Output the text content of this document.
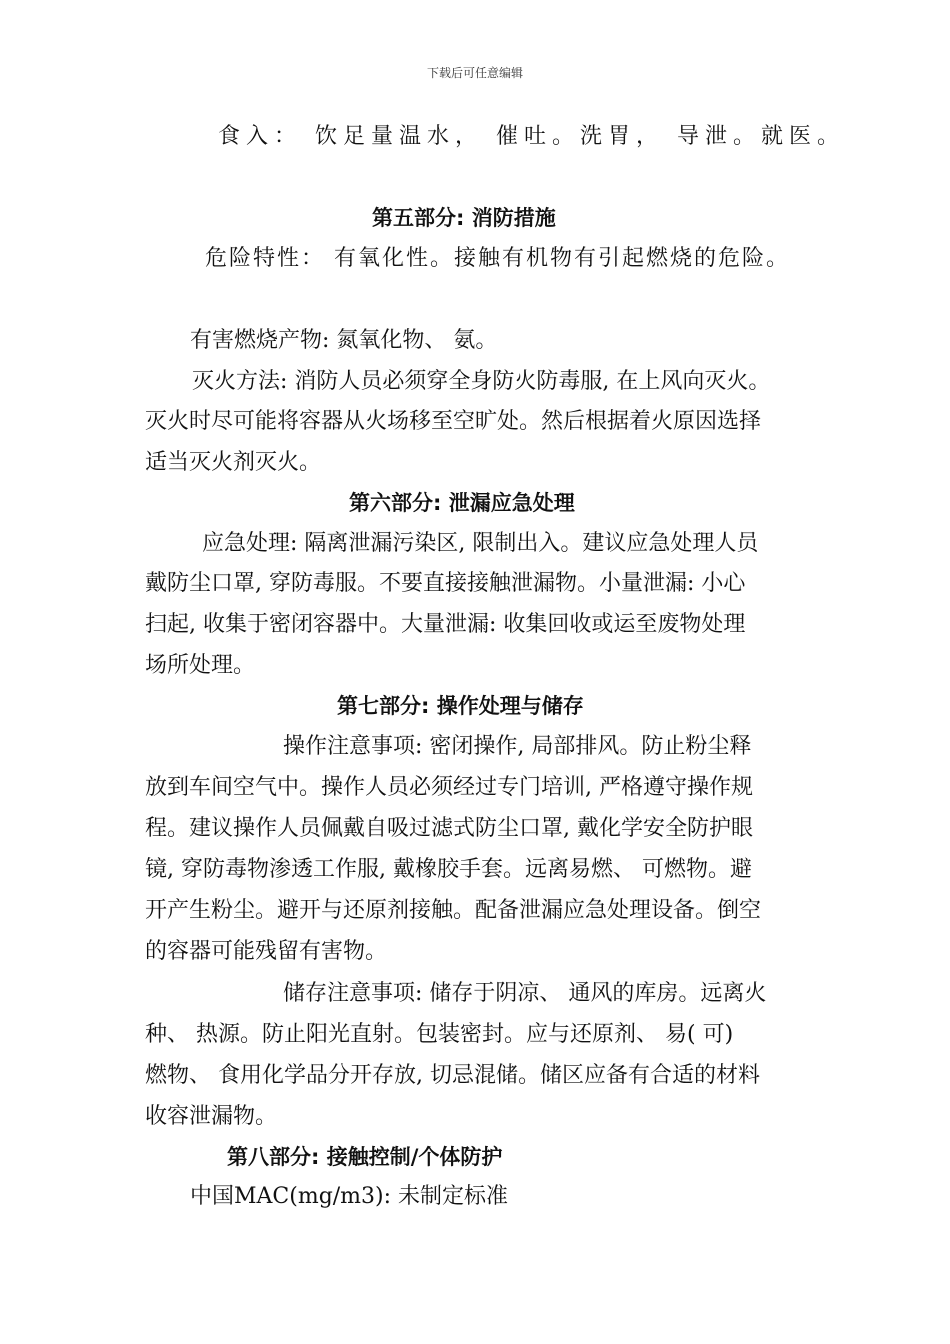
下载后可任意编辑
食入： 饮足量温水， 催吐。洗胃， 导泄。就医。
第五部分: 消防措施
危险特性： 有氧化性。接触有机物有引起燃烧的危险。
有害燃烧产物: 氮氧化物、 氨。
灭火方法: 消防人员必须穿全身防火防毒服, 在上风向灭火。
灭火时尽可能将容器从火场移至空旷处。然后根据着火原因选择
适当灭火剂灭火。
第六部分: 泄漏应急处理
应急处理: 隔离泄漏污染区, 限制出入。建议应急处理人员
戴防尘口罩, 穿防毒服。不要直接接触泄漏物。小量泄漏: 小心
扫起, 收集于密闭容器中。大量泄漏: 收集回收或运至废物处理
场所处理。
第七部分: 操作处理与储存
操作注意事项: 密闭操作, 局部排风。防止粉尘释
放到车间空气中。操作人员必须经过专门培训, 严格遵守操作规
程。建议操作人员佩戴自吸过滤式防尘口罩, 戴化学安全防护眼
镜, 穿防毒物渗透工作服, 戴橡胶手套。远离易燃、 可燃物。避
开产生粉尘。避开与还原剂接触。配备泄漏应急处理设备。倒空
的容器可能残留有害物。
储存注意事项: 储存于阴凉、 通风的库房。远离火
种、 热源。防止阳光直射。包装密封。应与还原剂、 易( 可)
燃物、 食用化学品分开存放, 切忌混储。储区应备有合适的材料
收容泄漏物。
第八部分: 接触控制/个体防护
中国MAC(mg/m3): 未制定标准
